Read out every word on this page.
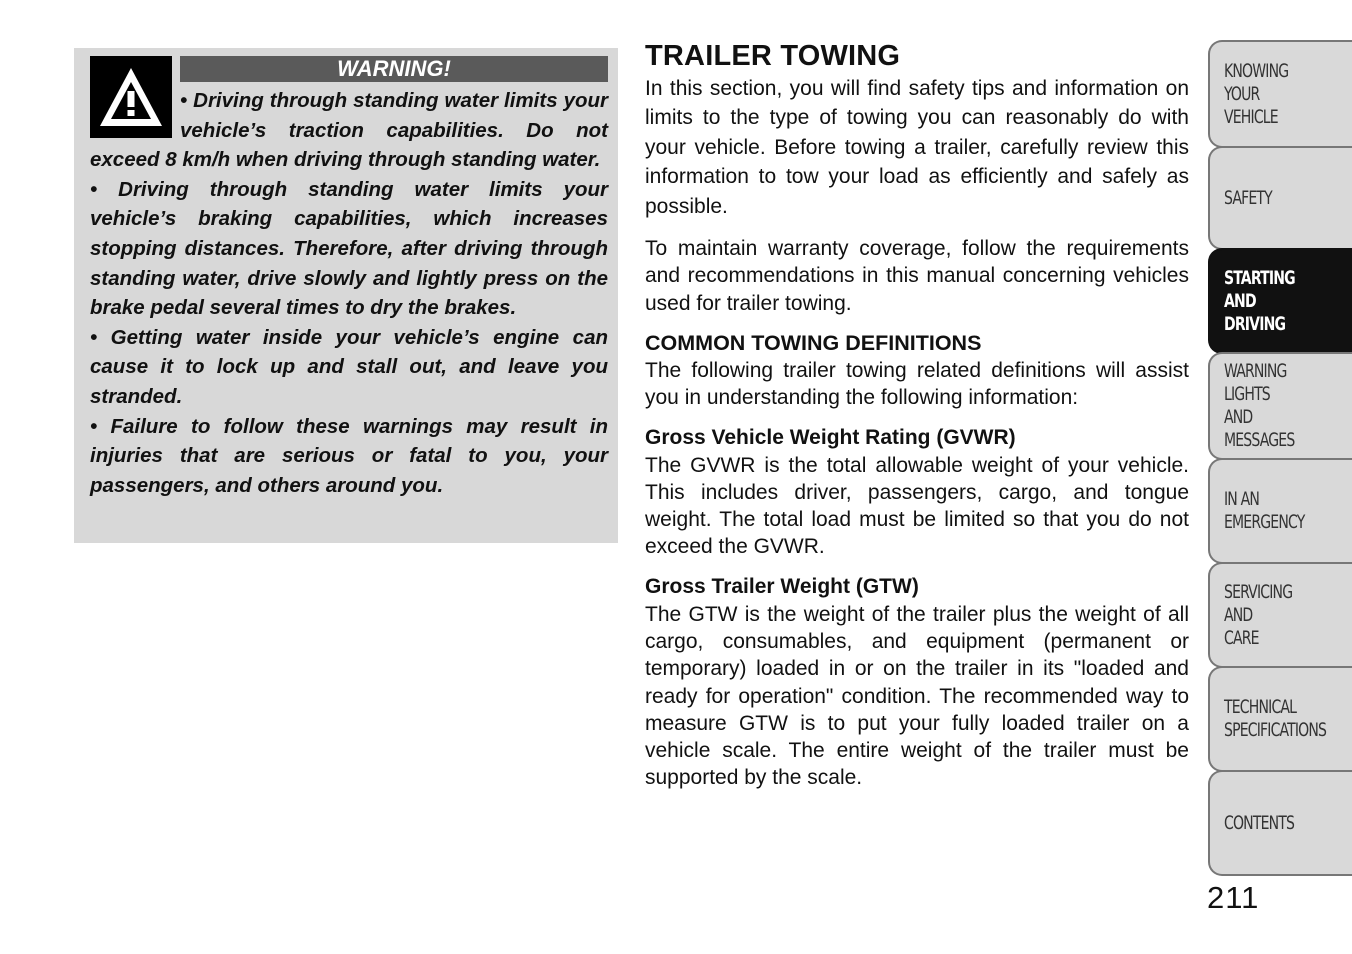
WARNING!

• Driving through standing water limits your vehicle’s traction capabilities. Do not exceed 8 km/h when driving through standing water.

• Driving through standing water limits your vehicle’s braking capabilities, which increases stopping distances. Therefore, after driving through standing water, drive slowly and lightly press on the brake pedal several times to dry the brakes.

• Getting water inside your vehicle’s engine can cause it to lock up and stall out, and leave you stranded.

• Failure to follow these warnings may result in injuries that are serious or fatal to you, your passengers, and others around you.

TRAILER TOWING

In this section, you will find safety tips and information on limits to the type of towing you can reasonably do with your vehicle. Before towing a trailer, carefully review this information to tow your load as efficiently and safely as possible.

To maintain warranty coverage, follow the requirements and recommendations in this manual concerning vehicles used for trailer towing.

COMMON TOWING DEFINITIONS

The following trailer towing related definitions will assist you in understanding the following information:

Gross Vehicle Weight Rating (GVWR)

The GVWR is the total allowable weight of your vehicle. This includes driver, passengers, cargo, and tongue weight. The total load must be limited so that you do not exceed the GVWR.

Gross Trailer Weight (GTW)

The GTW is the weight of the trailer plus the weight of all cargo, consumables, and equipment (permanent or temporary) loaded in or on the trailer in its "loaded and ready for operation" condition. The recommended way to measure GTW is to put your fully loaded trailer on a vehicle scale. The entire weight of the trailer must be supported by the scale.

KNOWING
YOUR
VEHICLE
SAFETY
STARTING
AND
DRIVING
WARNING
LIGHTS
AND
MESSAGES
IN AN
EMERGENCY
SERVICING
AND
CARE
TECHNICAL
SPECIFICATIONS
CONTENTS
211
